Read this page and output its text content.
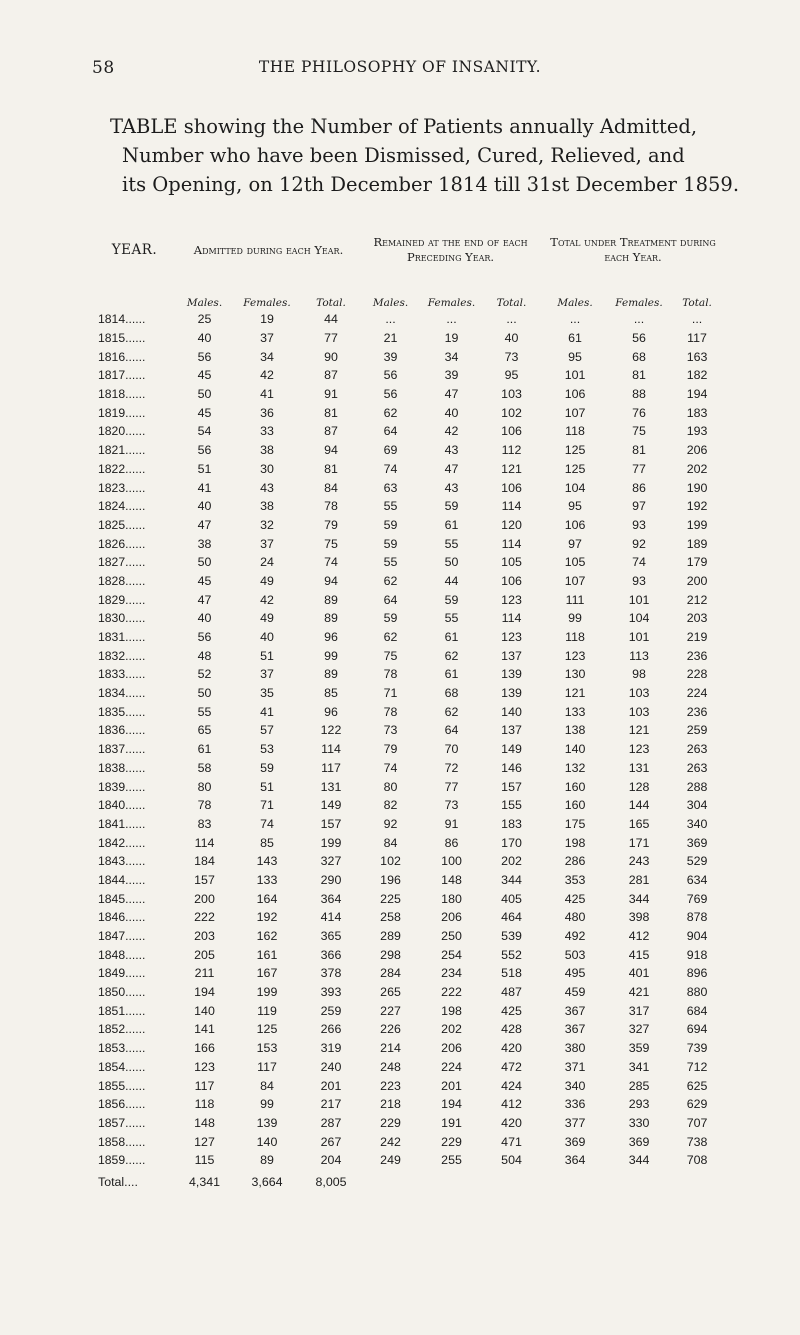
58	THE PHILOSOPHY OF INSANITY.
TABLE showing the Number of Patients annually Admitted,
Number who have been Dismissed, Cured, Relieved, and
its Opening, on 12th December 1814 till 31st December 1859.
YEAR.	Admitted during each Year.			Remained at the end of each Preceding Year.			Total under Treatment during each Year.		
	Males.	Females.	Total.	Males.	Females.	Total.	Males.	Females.	Total.
1814......	25	19	44	...	...	...	...	...	...
1815......	40	37	77	21	19	40	61	56	117
1816......	56	34	90	39	34	73	95	68	163
1817......	45	42	87	56	39	95	101	81	182
1818......	50	41	91	56	47	103	106	88	194
1819......	45	36	81	62	40	102	107	76	183
1820......	54	33	87	64	42	106	118	75	193
1821......	56	38	94	69	43	112	125	81	206
1822......	51	30	81	74	47	121	125	77	202
1823......	41	43	84	63	43	106	104	86	190
1824......	40	38	78	55	59	114	95	97	192
1825......	47	32	79	59	61	120	106	93	199
1826......	38	37	75	59	55	114	97	92	189
1827......	50	24	74	55	50	105	105	74	179
1828......	45	49	94	62	44	106	107	93	200
1829......	47	42	89	64	59	123	111	101	212
1830......	40	49	89	59	55	114	99	104	203
1831......	56	40	96	62	61	123	118	101	219
1832......	48	51	99	75	62	137	123	113	236
1833......	52	37	89	78	61	139	130	98	228
1834......	50	35	85	71	68	139	121	103	224
1835......	55	41	96	78	62	140	133	103	236
1836......	65	57	122	73	64	137	138	121	259
1837......	61	53	114	79	70	149	140	123	263
1838......	58	59	117	74	72	146	132	131	263
1839......	80	51	131	80	77	157	160	128	288
1840......	78	71	149	82	73	155	160	144	304
1841......	83	74	157	92	91	183	175	165	340
1842......	114	85	199	84	86	170	198	171	369
1843......	184	143	327	102	100	202	286	243	529
1844......	157	133	290	196	148	344	353	281	634
1845......	200	164	364	225	180	405	425	344	769
1846......	222	192	414	258	206	464	480	398	878
1847......	203	162	365	289	250	539	492	412	904
1848......	205	161	366	298	254	552	503	415	918
1849......	211	167	378	284	234	518	495	401	896
1850......	194	199	393	265	222	487	459	421	880
1851......	140	119	259	227	198	425	367	317	684
1852......	141	125	266	226	202	428	367	327	694
1853......	166	153	319	214	206	420	380	359	739
1854......	123	117	240	248	224	472	371	341	712
1855......	117	84	201	223	201	424	340	285	625
1856......	118	99	217	218	194	412	336	293	629
1857......	148	139	287	229	191	420	377	330	707
1858......	127	140	267	242	229	471	369	369	738
1859......	115	89	204	249	255	504	364	344	708
Total....	4,341	3,664	8,005						
